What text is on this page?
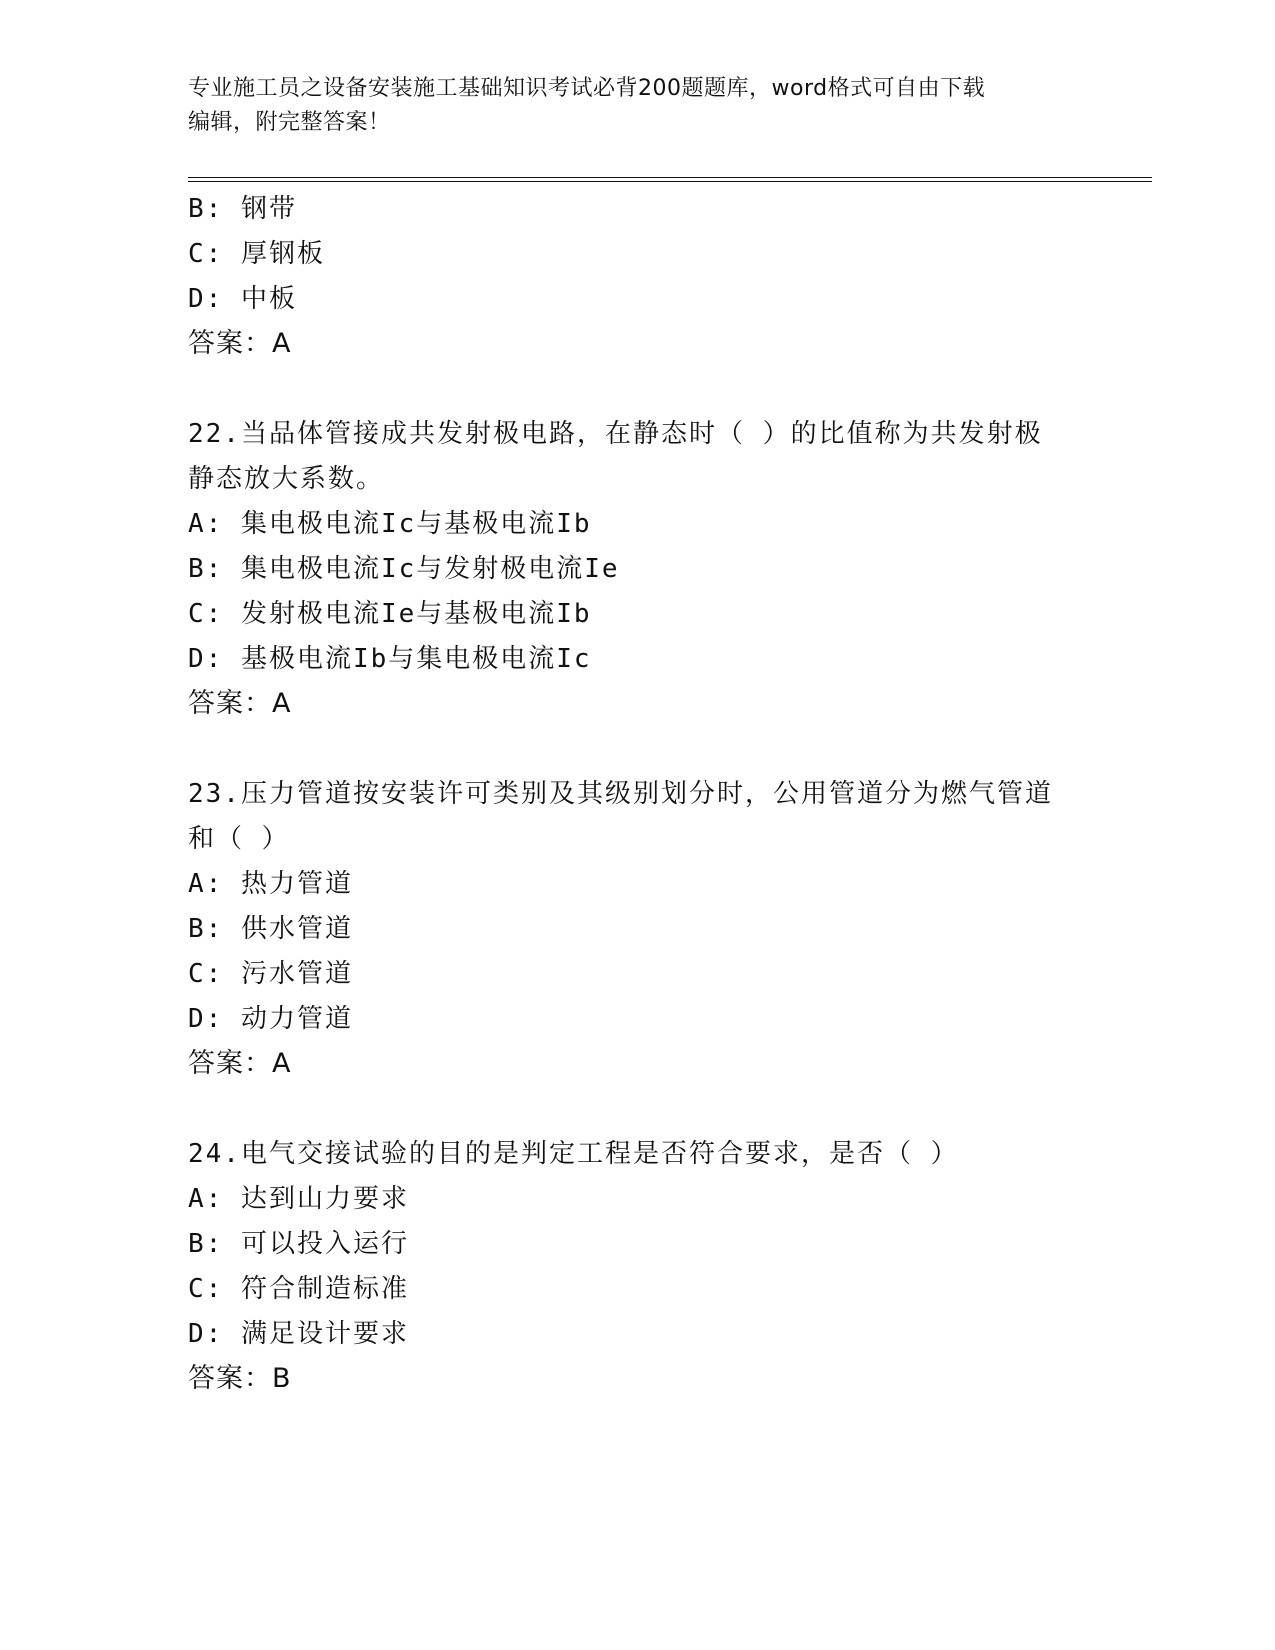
专业施工员之设备安装施工基础知识考试必背200题题库，word格式可自由下载
编辑，附完整答案！
B: 钢带
C: 厚钢板
D: 中板
答案：A
22.当品体管接成共发射极电路，在静态时（ ）的比值称为共发射极
静态放大系数。
A: 集电极电流Ic与基极电流Ib
B: 集电极电流Ic与发射极电流Ie
C: 发射极电流Ie与基极电流Ib
D: 基极电流Ib与集电极电流Ic
答案：A
23.压力管道按安装许可类别及其级别划分时，公用管道分为燃气管道
和（ ）
A: 热力管道
B: 供水管道
C: 污水管道
D: 动力管道
答案：A
24.电气交接试验的目的是判定工程是否符合要求，是否（ ）
A: 达到山力要求
B: 可以投入运行
C: 符合制造标准
D: 满足设计要求
答案：B
